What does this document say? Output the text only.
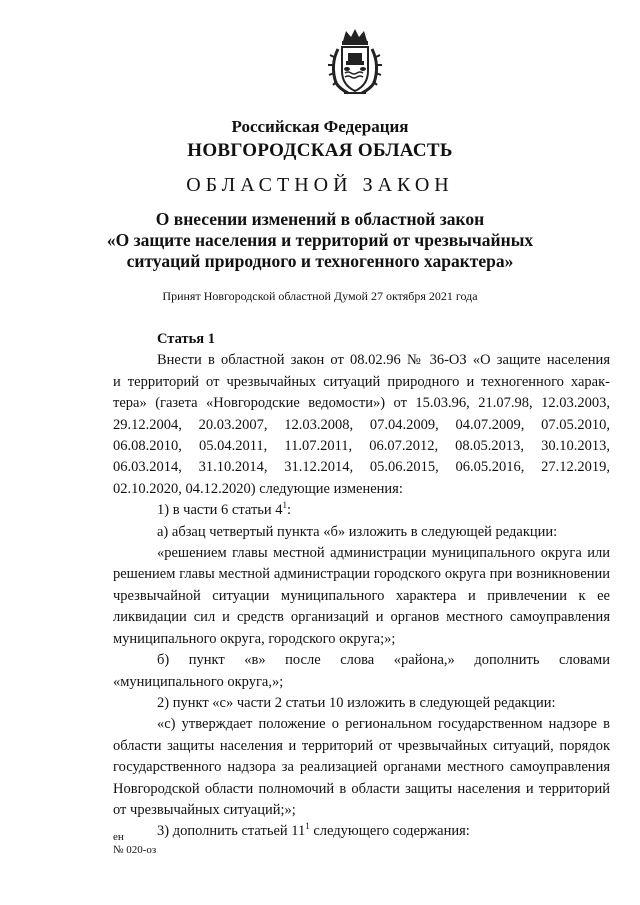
Российская Федерация
НОВГОРОДСКАЯ ОБЛАСТЬ
ОБЛАСТНОЙ ЗАКОН
О внесении изменений в областной закон
«О защите населения и территорий от чрезвычайных
ситуаций природного и техногенного характера»
Принят Новгородской областной Думой 27 октября 2021 года

Статья 1

Внести в областной закон от 08.02.96 № 36-ОЗ «О защите населения

и территорий от чрезвычайных ситуаций природного и техногенного харак-

тера» (газета «Новгородские ведомости») от 15.03.96, 21.07.98, 12.03.2003,

29.12.2004, 20.03.2007, 12.03.2008, 07.04.2009, 04.07.2009, 07.05.2010,

06.08.2010, 05.04.2011, 11.07.2011, 06.07.2012, 08.05.2013, 30.10.2013,

06.03.2014, 31.10.2014, 31.12.2014, 05.06.2015, 06.05.2016, 27.12.2019,

02.10.2020, 04.12.2020) следующие изменения:

1) в части 6 статьи $4^1$:

а) абзац четвертый пункта «б» изложить в следующей редакции:

«решением главы местной администрации муниципального округа или решением главы местной администрации городского округа при возникновении чрезвычайной ситуации муниципального характера и привлечении к ее ликвидации сил и средств организаций и органов местного самоуправления муниципального округа, городского округа;»;

б) пункт «в» после слова «района,» дополнить словами «муниципального округа,»;

2) пункт «с» части 2 статьи 10 изложить в следующей редакции:

«с) утверждает положение о региональном государственном надзоре в области защиты населения и территорий от чрезвычайных ситуаций, порядок государственного надзора за реализацией органами местного самоуправления Новгородской области полномочий в области защиты населения и территорий от чрезвычайных ситуаций;»;

3) дополнить статьей $11^1$ следующего содержания:

ен
№ 020-оз
